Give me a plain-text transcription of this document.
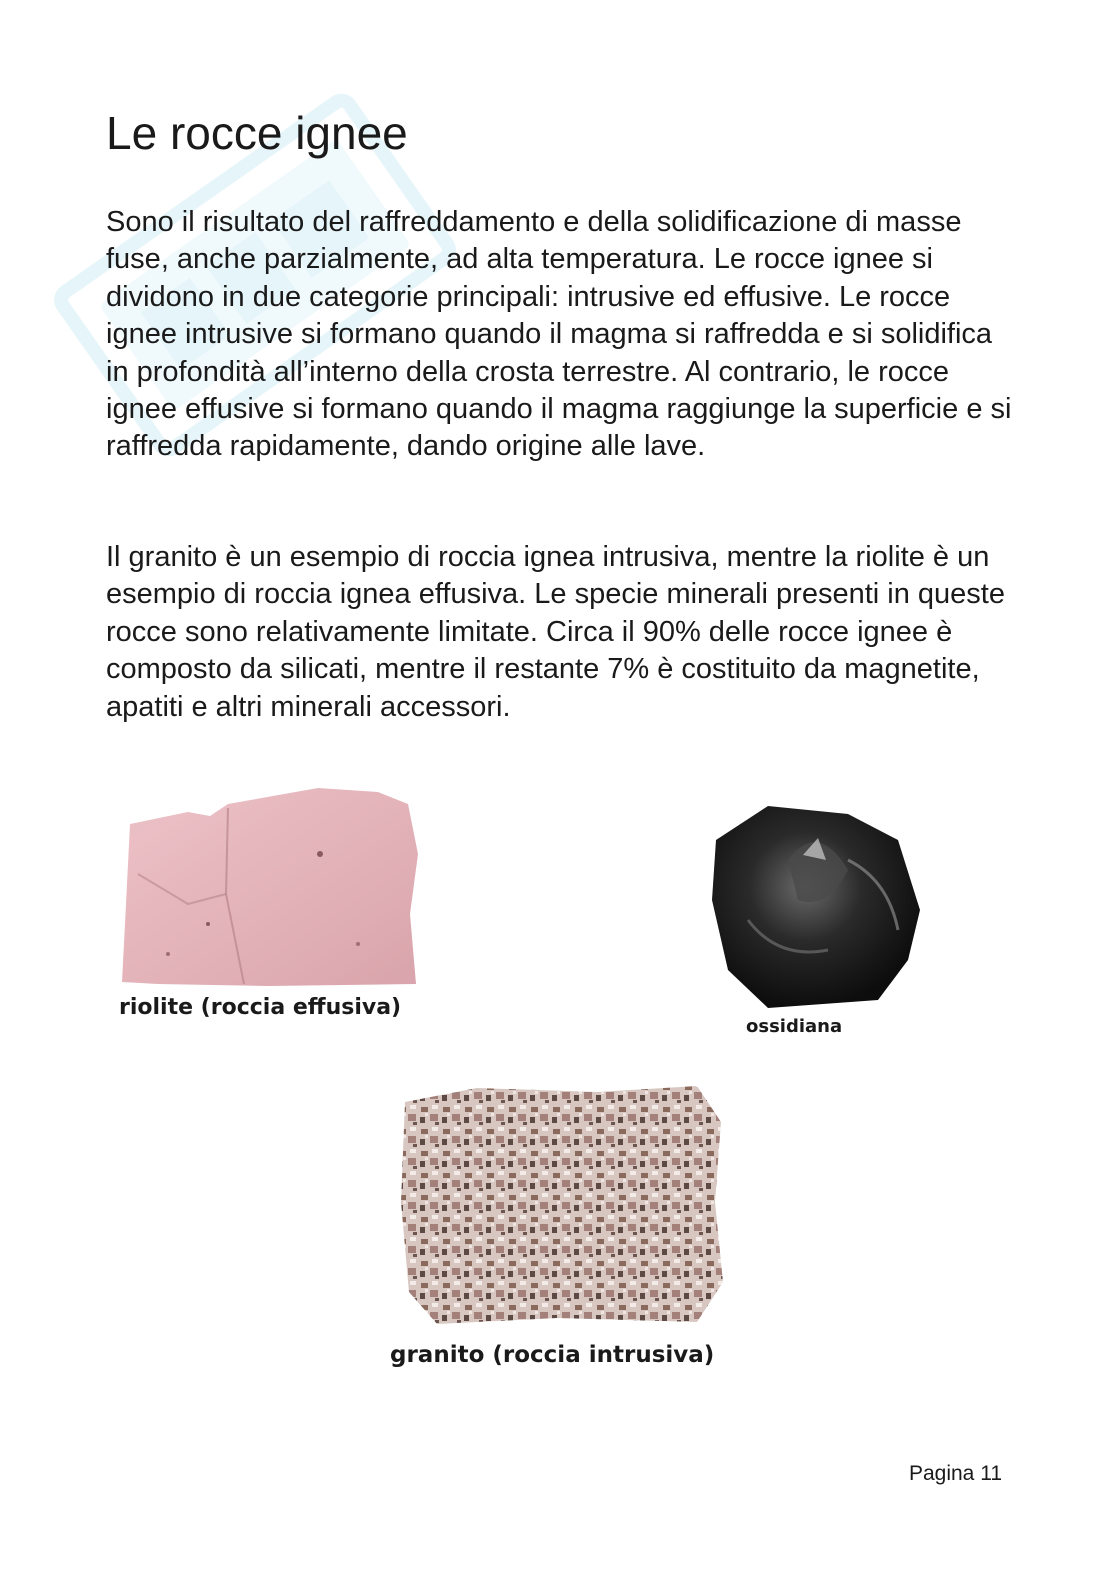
Le rocce ignee

Sono il risultato del raffreddamento e della solidificazione di masse fuse, anche parzialmente, ad alta temperatura. Le rocce ignee si dividono in due categorie principali: intrusive ed effusive. Le rocce ignee intrusive si formano quando il magma si raffredda e si solidifica in profondità all’interno della crosta terrestre. Al contrario, le rocce ignee effusive si formano quando il magma raggiunge la superficie e si raffredda rapidamente, dando origine alle lave.

Il granito è un esempio di roccia ignea intrusiva, mentre la riolite è un esempio di roccia ignea effusiva. Le specie minerali presenti in queste rocce sono relativamente limitate. Circa il 90% delle rocce ignee è composto da silicati, mentre il restante 7% è costituito da magnetite, apatiti e altri minerali accessori.

riolite (roccia effusiva)
ossidiana
granito (roccia intrusiva)
Pagina 11
